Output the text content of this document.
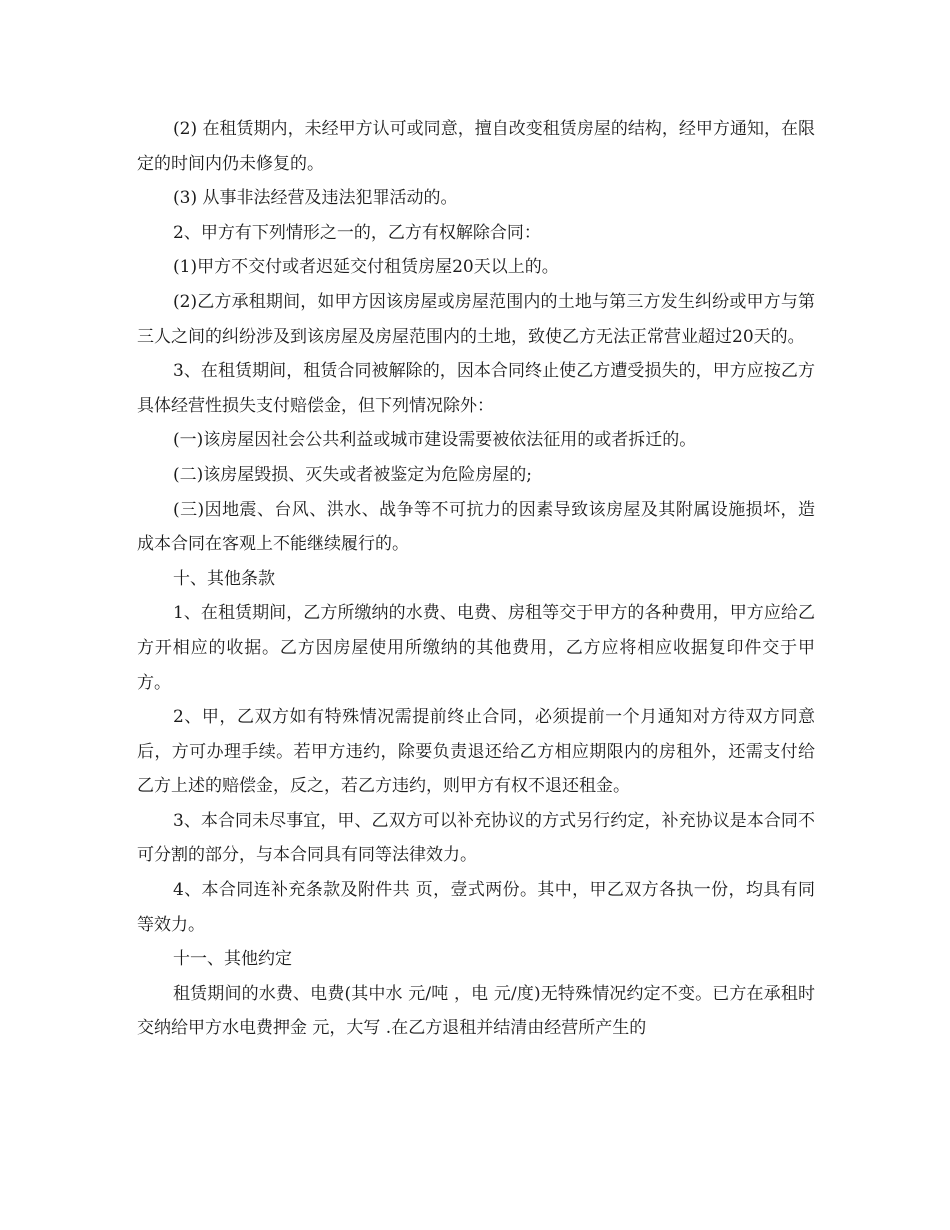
(2) 在租赁期内，未经甲方认可或同意，擅自改变租赁房屋的结构，经甲方通知，在限定的时间内仍未修复的。

(3) 从事非法经营及违法犯罪活动的。

2、甲方有下列情形之一的，乙方有权解除合同：

(1)甲方不交付或者迟延交付租赁房屋20天以上的。

(2)乙方承租期间，如甲方因该房屋或房屋范围内的土地与第三方发生纠纷或甲方与第三人之间的纠纷涉及到该房屋及房屋范围内的土地，致使乙方无法正常营业超过20天的。

3、在租赁期间，租赁合同被解除的，因本合同终止使乙方遭受损失的，甲方应按乙方具体经营性损失支付赔偿金，但下列情况除外：

(一)该房屋因社会公共利益或城市建设需要被依法征用的或者拆迁的。

(二)该房屋毁损、灭失或者被鉴定为危险房屋的;

(三)因地震、台风、洪水、战争等不可抗力的因素导致该房屋及其附属设施损坏，造成本合同在客观上不能继续履行的。

十、其他条款

1、在租赁期间，乙方所缴纳的水费、电费、房租等交于甲方的各种费用，甲方应给乙方开相应的收据。乙方因房屋使用所缴纳的其他费用，乙方应将相应收据复印件交于甲方。

2、甲，乙双方如有特殊情况需提前终止合同，必须提前一个月通知对方待双方同意后，方可办理手续。若甲方违约，除要负责退还给乙方相应期限内的房租外，还需支付给乙方上述的赔偿金，反之，若乙方违约，则甲方有权不退还租金。

3、本合同未尽事宜，甲、乙双方可以补充协议的方式另行约定，补充协议是本合同不可分割的部分，与本合同具有同等法律效力。

4、本合同连补充条款及附件共 页，壹式两份。其中，甲乙双方各执一份，均具有同等效力。

十一、其他约定

租赁期间的水费、电费(其中水 元/吨 ，电 元/度)无特殊情况约定不变。已方在承租时交纳给甲方水电费押金 元，大写 .在乙方退租并结清由经营所产生的
